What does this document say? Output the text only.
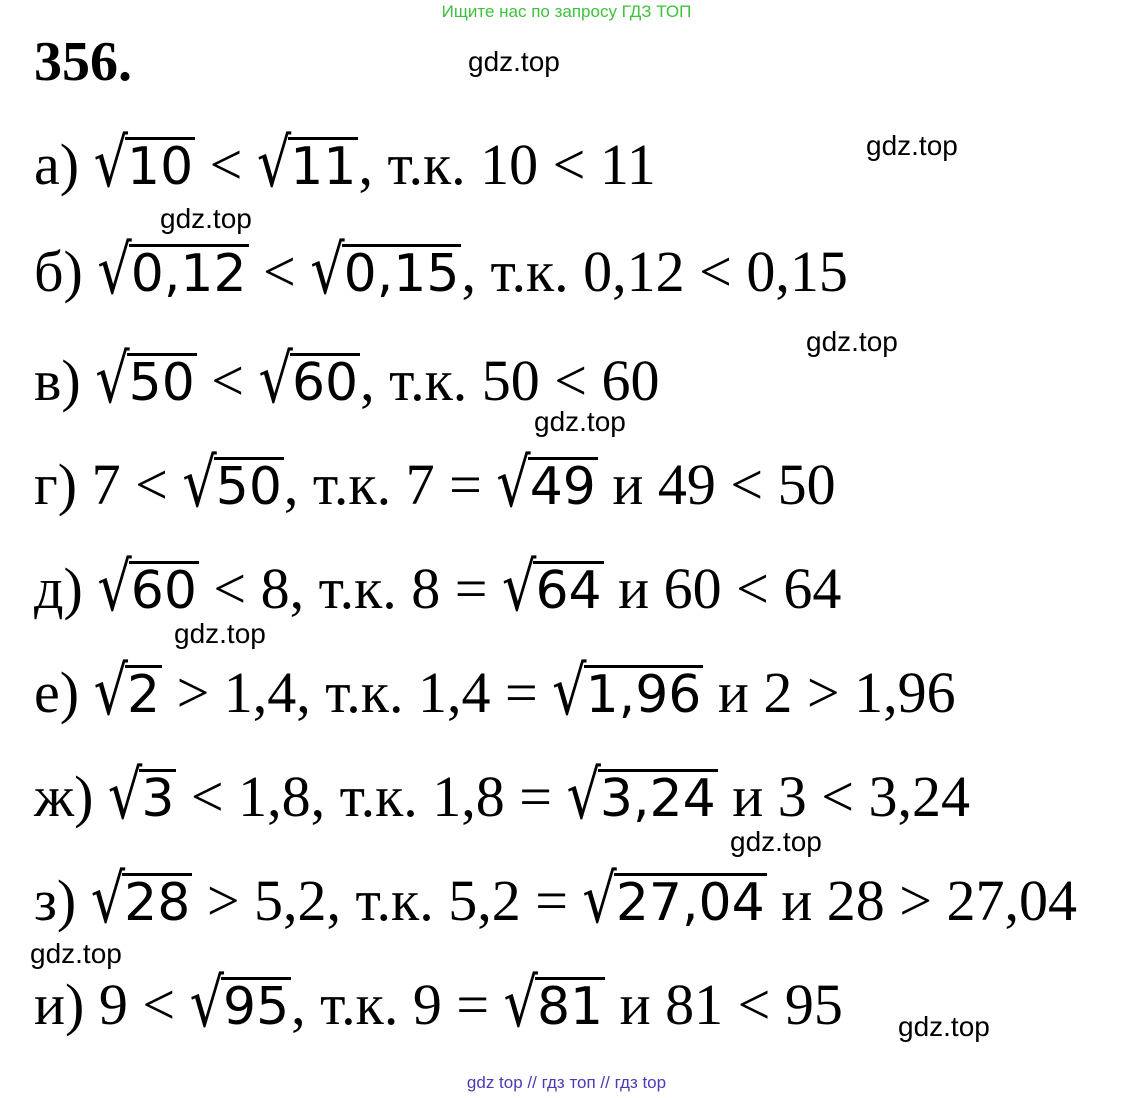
Ищите нас по запросу ГДЗ ТОП
356.	gdz.top
gdz.top
gdz.top
gdz.top
gdz.top
gdz.top
gdz.top
gdz.top
gdz.top
а) √10 < √11, т.к. 10 < 11
б) √0,12 < √0,15, т.к. 0,12 < 0,15
в) √50 < √60, т.к. 50 < 60
г) 7 < √50, т.к. 7 = √49 и 49 < 50
д) √60 < 8, т.к. 8 = √64 и 60 < 64
е) √2 > 1,4, т.к. 1,4 = √1,96 и 2 > 1,96
ж) √3 < 1,8, т.к. 1,8 = √3,24 и 3 < 3,24
з) √28 > 5,2, т.к. 5,2 = √27,04 и 28 > 27,04
и) 9 < √95, т.к. 9 = √81 и 81 < 95
gdz top // гдз топ // гдз top
